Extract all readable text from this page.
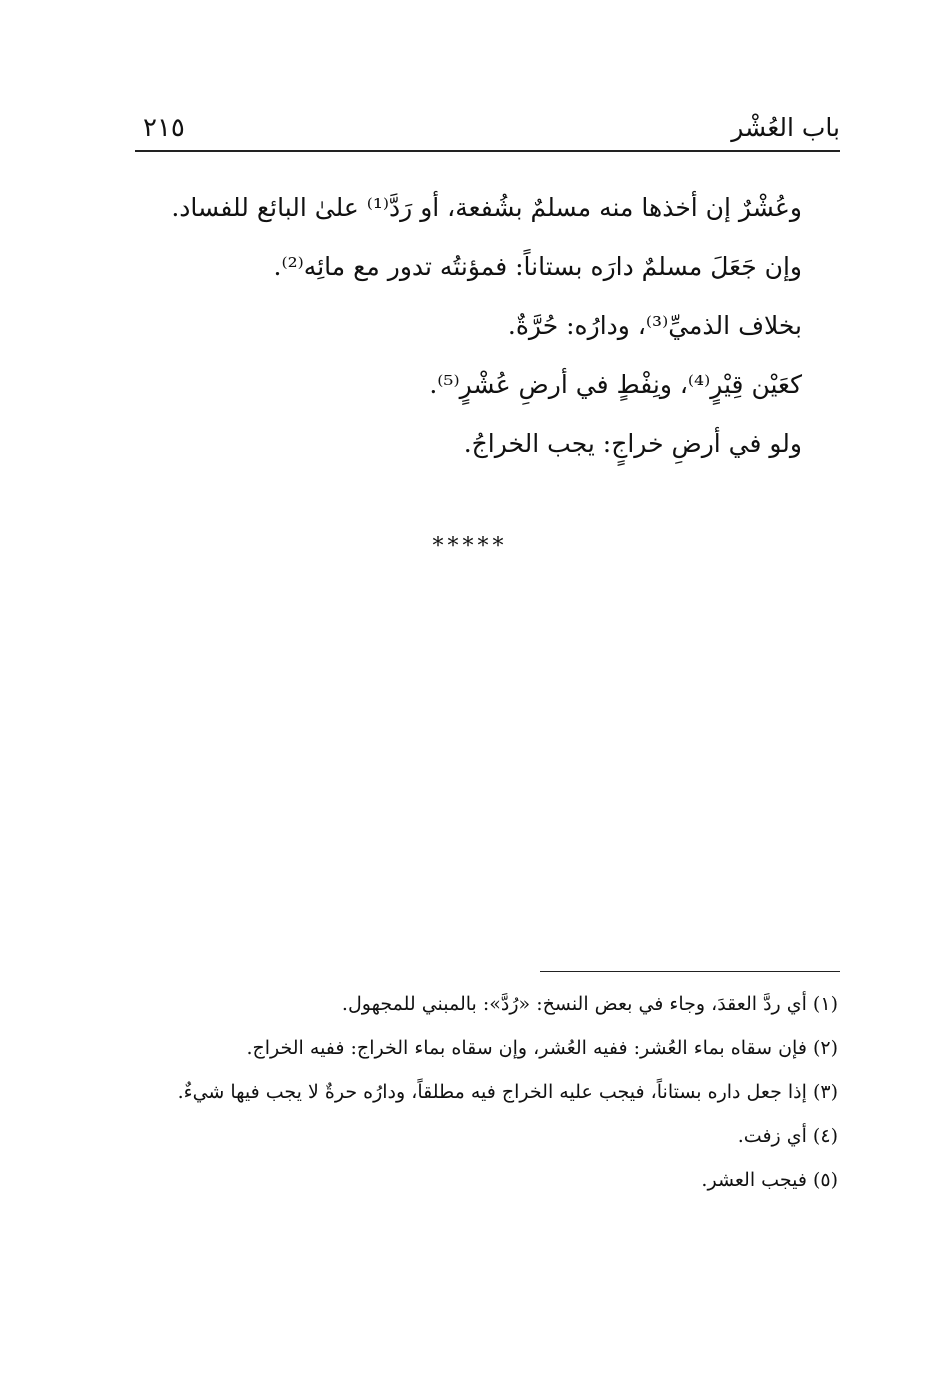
باب العُشْر
٢١٥
وعُشْرٌ إن أخذها منه مسلمٌ بشُفعة، أو رَدَّ⁽¹⁾ علىٰ البائع للفساد.
وإن جَعَلَ مسلمٌ دارَه بستاناً: فمؤنتُه تدور مع مائِه⁽²⁾.
بخلاف الذميِّ⁽³⁾، ودارُه: حُرَّةٌ.
كعَيْن قِيْرٍ⁽⁴⁾، ونِفْطٍ في أرضِ عُشْرٍ⁽⁵⁾.
ولو في أرضِ خراجٍ: يجب الخراجُ.
*****

(١) أي ردَّ العقدَ، وجاء في بعض النسخ: «رُدَّ»: بالمبني للمجهول.

(٢) فإن سقاه بماء العُشر: ففيه العُشر، وإن سقاه بماء الخراج: ففيه الخراج.

(٣) إذا جعل داره بستاناً، فيجب عليه الخراج فيه مطلقاً، ودارُه حرةٌ لا يجب فيها شيءٌ.

(٤) أي زفت.

(٥) فيجب العشر.
